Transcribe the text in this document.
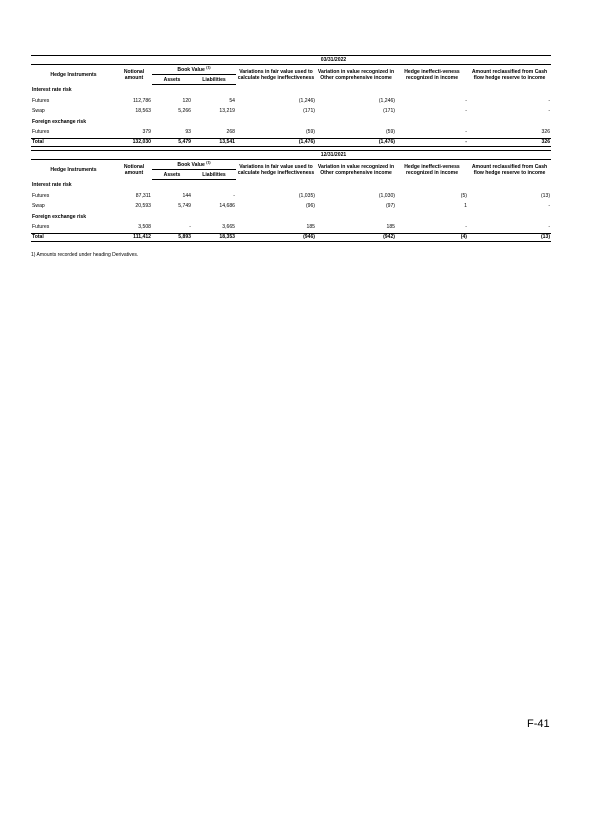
	03/31/2022						
Hedge Instruments	Notional amount	Book Value $^{(1)}$		Variations in fair value used to calculate hedge ineffectiveness	Variation in value recognized in Other comprehensive income	Hedge ineffecti-veness recognized in income	Amount reclassified from Cash flow hedge reserve to income
		Assets	Liabilities				
Interest rate risk							
Futures	112,786	120	54	(1,246)	(1,246)	-	-
Swap	18,563	5,266	13,219	(171)	(171)	-	-
Foreign exchange risk							
Futures	379	93	268	(59)	(59)	-	326
Total	132,030	5,479	13,541	(1,476)	(1,476)	-	326
	12/31/2021						
Hedge Instruments	Notional amount	Book Value $^{(1)}$		Variations in fair value used to calculate hedge ineffectiveness	Variation in value recognized in Other comprehensive income	Hedge ineffecti-veness recognized in income	Amount reclassified from Cash flow hedge reserve to income
		Assets	Liabilities				
Interest rate risk							
Futures	87,311	144	-	(1,035)	(1,030)	(5)	(13)
Swap	20,593	5,749	14,686	(96)	(97)	1	-
Foreign exchange risk							
Futures	3,508	-	3,665	185	185	-	-
Total	111,412	5,893	18,353	(946)	(942)	(4)	(13)
1) Amounts recorded under heading Derivatives.
F-41
